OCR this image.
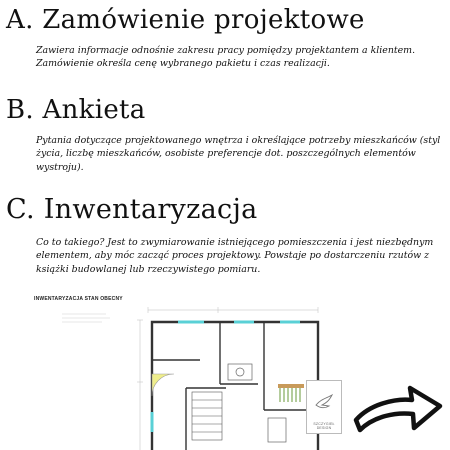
A. Zamówienie projektowe

Zawiera informacje odnośnie zakresu pracy pomiędzy projektantem a klientem. Zamówienie określa cenę wybranego pakietu i czas realizacji.

B. Ankieta

Pytania dotyczące projektowanego wnętrza i określające potrzeby mieszkańców (styl życia, liczbę mieszkańców, osobiste preferencje dot. poszczególnych elementów wystroju).

C. Inwentaryzacja

Co to takiego? Jest to zwymiarowanie istniejącego pomieszczenia i jest niezbędnym elementem, aby móc zacząć proces projektowy. Powstaje po dostarczeniu rzutów z książki budowlanej lub rzeczywistego pomiaru.

INWENTARYZACJA STAN OBECNY
SZCZYGIEŁ DESIGN
